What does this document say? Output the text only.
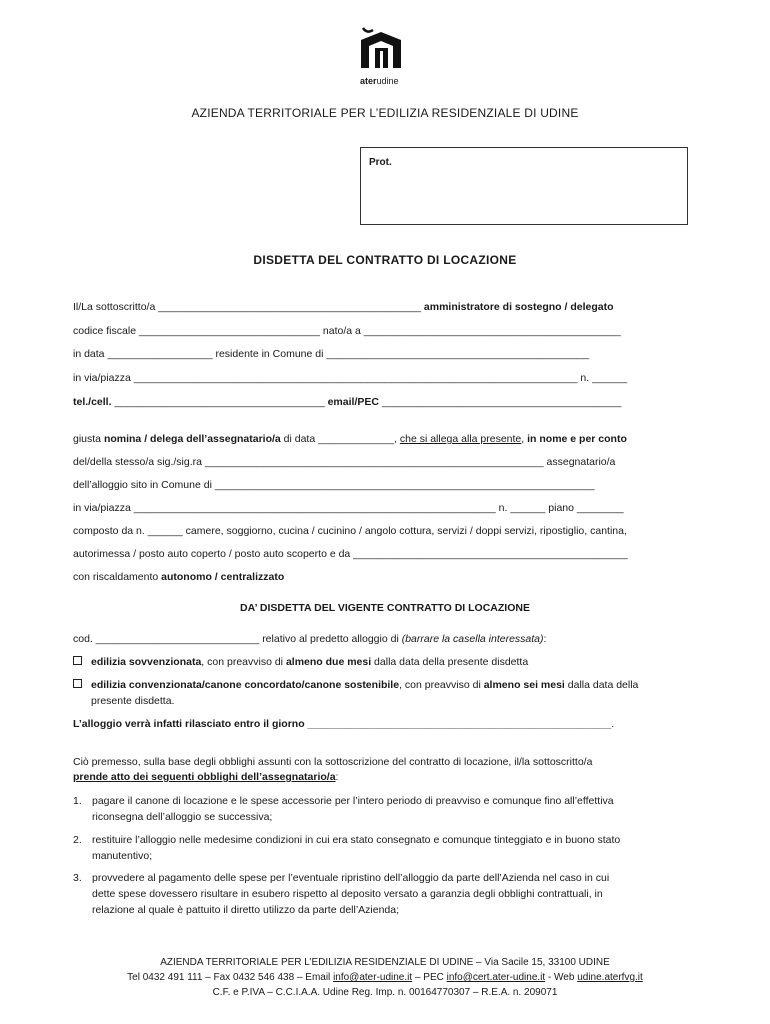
aterudine
AZIENDA TERRITORIALE PER L’EDILIZIA RESIDENZIALE DI UDINE
Prot.
DISDETTA DEL CONTRATTO DI LOCAZIONE
Il/La sottoscritto/a _____________________________________________ amministratore di sostegno / delegato
codice fiscale _______________________________ nato/a a ____________________________________________
in data __________________ residente in Comune di _____________________________________________
in via/piazza ____________________________________________________________________________ n. ______
tel./cell. ____________________________________ email/PEC _________________________________________
giusta nomina / delega dell’assegnatario/a di data _____________, che si allega alla presente, in nome e per conto
del/della stesso/a sig./sig.ra __________________________________________________________ assegnatario/a
dell’alloggio sito in Comune di _________________________________________________________________
in via/piazza ______________________________________________________________ n. ______ piano ________
composto da n. ______ camere, soggiorno, cucina / cucinino / angolo cottura, servizi / doppi servizi, ripostiglio, cantina,
autorimessa / posto auto coperto / posto auto scoperto e da _______________________________________________
con riscaldamento autonomo / centralizzato
DA’ DISDETTA DEL VIGENTE CONTRATTO DI LOCAZIONE
cod. ____________________________ relativo al predetto alloggio di (barrare la casella interessata):
edilizia sovvenzionata, con preavviso di almeno due mesi dalla data della presente disdetta
edilizia convenzionata/canone concordato/canone sostenibile, con preavviso di almeno sei mesi dalla data della
presente disdetta.
L’alloggio verrà infatti rilasciato entro il giorno ____________________________________________________.
Ciò premesso, sulla base degli obblighi assunti con la sottoscrizione del contratto di locazione, il/la sottoscritto/a
prende atto dei seguenti obblighi dell’assegnatario/a:
1. pagare il canone di locazione e le spese accessorie per l’intero periodo di preavviso e comunque fino all’effettiva
riconsegna dell’alloggio se successiva;
2. restituire l’alloggio nelle medesime condizioni in cui era stato consegnato e comunque tinteggiato e in buono stato
manutentivo;
3. provvedere al pagamento delle spese per l’eventuale ripristino dell’alloggio da parte dell’Azienda nel caso in cui
dette spese dovessero risultare in esubero rispetto al deposito versato a garanzia degli obblighi contrattuali, in
relazione al quale è pattuito il diretto utilizzo da parte dell’Azienda;
AZIENDA TERRITORIALE PER L’EDILIZIA RESIDENZIALE DI UDINE – Via Sacile 15, 33100 UDINE
Tel 0432 491 111 – Fax 0432 546 438 – Email info@ater-udine.it – PEC info@cert.ater-udine.it - Web udine.aterfvg.it
C.F. e P.IVA – C.C.I.A.A. Udine Reg. Imp. n. 00164770307 – R.E.A. n. 209071
